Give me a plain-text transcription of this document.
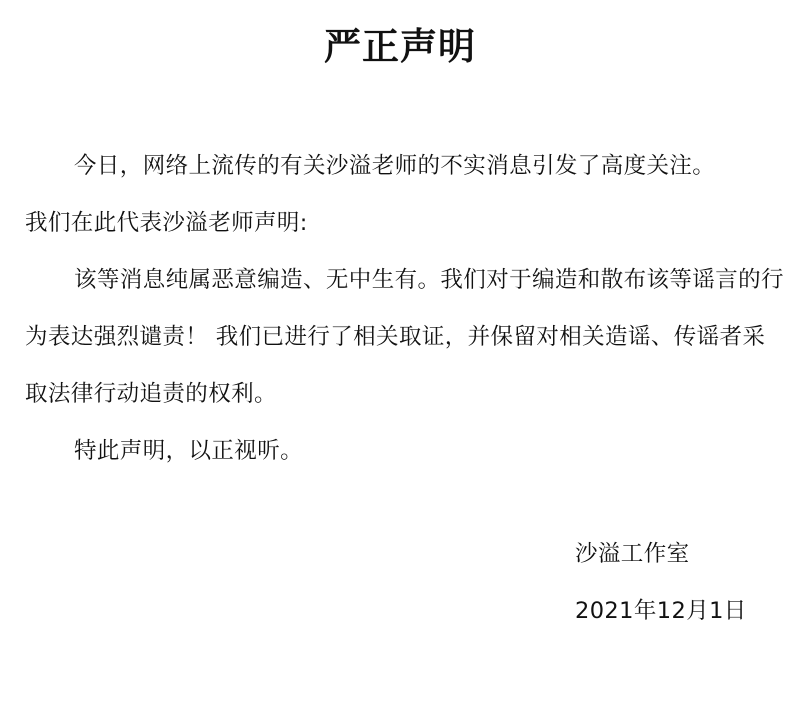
严正声明

今日，网络上流传的有关沙溢老师的不实消息引发了高度关注。

我们在此代表沙溢老师声明:

该等消息纯属恶意编造、无中生有。我们对于编造和散布该等谣言的行为表达强烈谴责！ 我们已进行了相关取证，并保留对相关造谣、传谣者采取法律行动追责的权利。

特此声明，以正视听。

沙溢工作室
2021年12月1日
